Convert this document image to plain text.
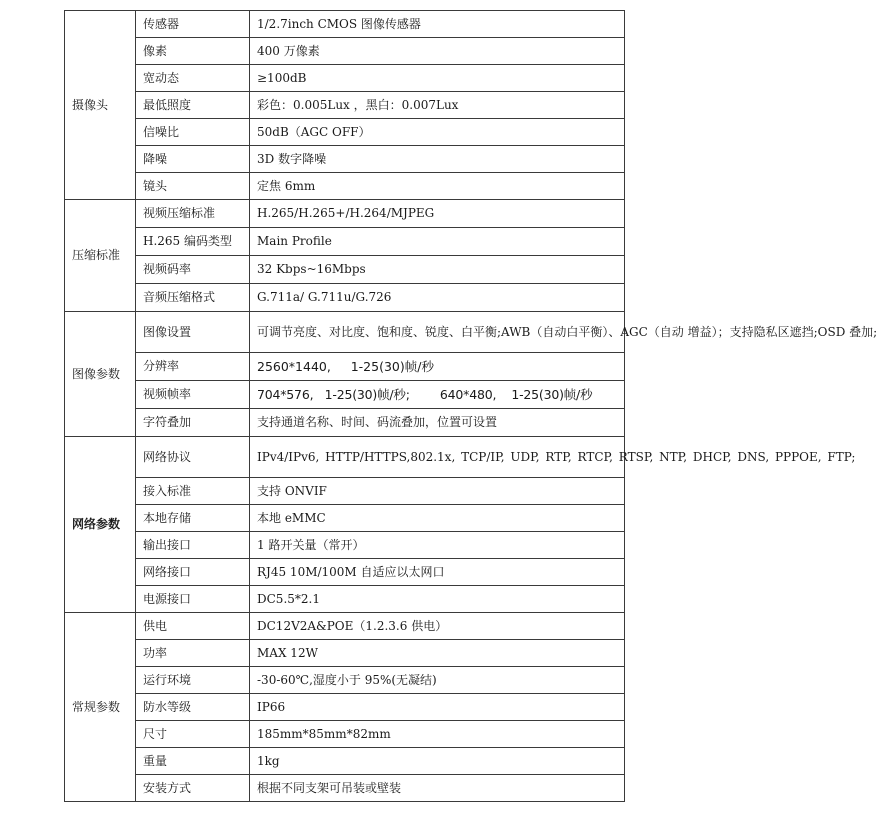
摄像头	传感器	1/2.7inch CMOS 图像传感器
	像素	400 万像素
	宽动态	≥100dB
	最低照度	彩色：0.005Lux ，黑白：0.007Lux
	信噪比	50dB（AGC OFF）
	降噪	3D 数字降噪
	镜头	定焦 6mm
压缩标准	视频压缩标准	H.265/H.265+/H.264/MJPEG
	H.265 编码类型	Main Profile
	视频码率	32 Kbps~16Mbps
	音频压缩格式	G.711a/ G.711u/G.726
图像参数	图像设置	可调节亮度、对比度、饱和度、锐度、白平衡;AWB（自动白平衡）、AGC（自动 增益）；支持隐私区遮挡;OSD 叠加;
	分辨率	2560*1440,     1-25(30)帧/秒
	视频帧率	704*576,   1-25(30)帧/秒;        640*480,    1-25(30)帧/秒
	字符叠加	支持通道名称、时间、码流叠加，位置可设置
网络参数	网络协议	IPv4/IPv6, HTTP/HTTPS,802.1x, TCP/IP, UDP, RTP, RTCP, RTSP, NTP, DHCP, DNS, PPPOE, FTP;
	接入标准	支持 ONVIF
	本地存储	本地 eMMC
	输出接口	1 路开关量（常开）
	网络接口	RJ45 10M/100M 自适应以太网口
	电源接口	DC5.5*2.1
常规参数	供电	DC12V2A&POE（1.2.3.6 供电）
	功率	MAX 12W
	运行环境	-30-60℃,湿度小于 95%(无凝结)
	防水等级	IP66
	尺寸	185mm*85mm*82mm
	重量	1kg
	安装方式	根据不同支架可吊装或壁装
